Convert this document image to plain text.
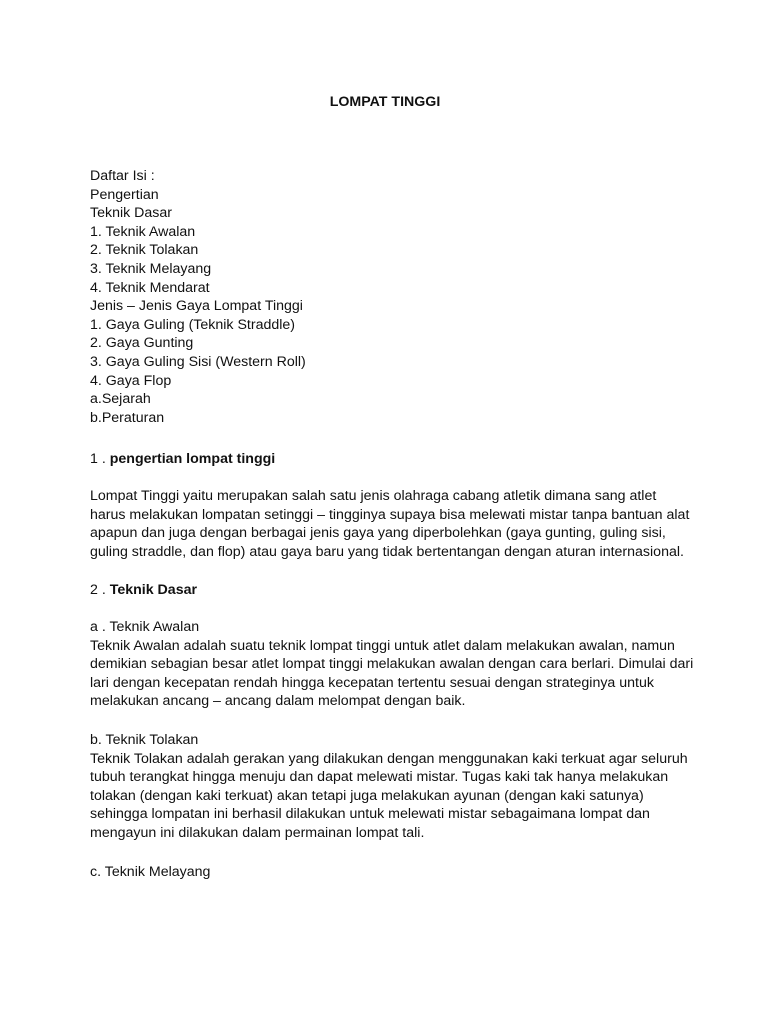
LOMPAT TINGGI
Daftar Isi :
Pengertian
Teknik Dasar
1. Teknik Awalan
2. Teknik Tolakan
3. Teknik Melayang
4. Teknik Mendarat
Jenis – Jenis Gaya Lompat Tinggi
1. Gaya Guling (Teknik Straddle)
2. Gaya Gunting
3. Gaya Guling Sisi (Western Roll)
4. Gaya Flop
a.Sejarah
b.Peraturan
1 . pengertian lompat tinggi
Lompat Tinggi yaitu merupakan salah satu jenis olahraga cabang atletik dimana sang atlet
harus melakukan lompatan setinggi – tingginya supaya bisa melewati mistar tanpa bantuan alat
apapun dan juga dengan berbagai jenis gaya yang diperbolehkan (gaya gunting, guling sisi,
guling straddle, dan flop) atau gaya baru yang tidak bertentangan dengan aturan internasional.
2 . Teknik Dasar
a . Teknik Awalan
Teknik Awalan adalah suatu teknik lompat tinggi untuk atlet dalam melakukan awalan, namun
demikian sebagian besar atlet lompat tinggi melakukan awalan dengan cara berlari. Dimulai dari
lari dengan kecepatan rendah hingga kecepatan tertentu sesuai dengan strateginya untuk
melakukan ancang – ancang dalam melompat dengan baik.
b. Teknik Tolakan
Teknik Tolakan adalah gerakan yang dilakukan dengan menggunakan kaki terkuat agar seluruh
tubuh terangkat hingga menuju dan dapat melewati mistar. Tugas kaki tak hanya melakukan
tolakan (dengan kaki terkuat) akan tetapi juga melakukan ayunan (dengan kaki satunya)
sehingga lompatan ini berhasil dilakukan untuk melewati mistar sebagaimana lompat dan
mengayun ini dilakukan dalam permainan lompat tali.
c. Teknik Melayang
